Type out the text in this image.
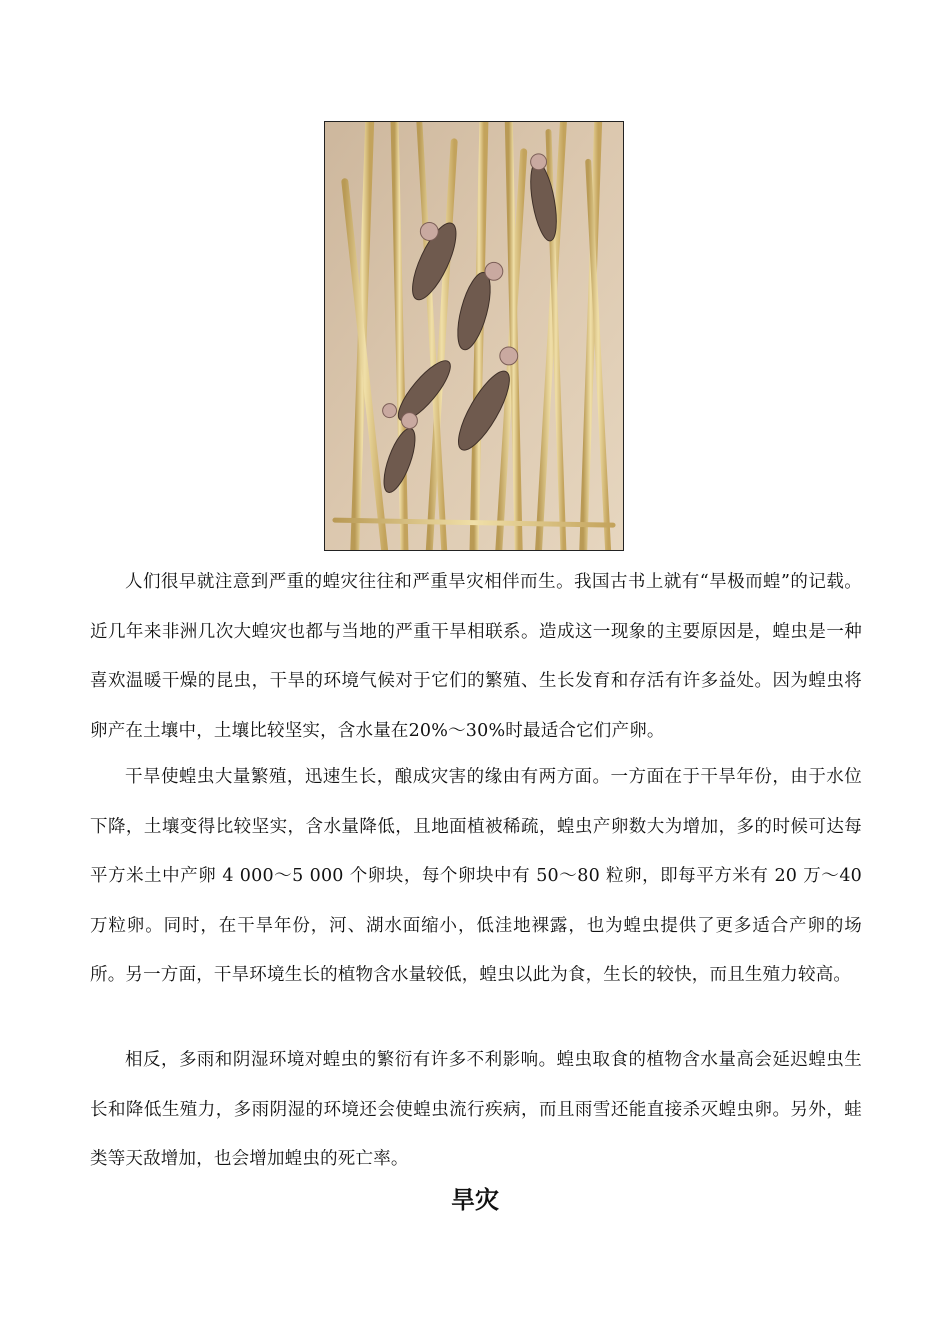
人们很早就注意到严重的蝗灾往往和严重旱灾相伴而生。我国古书上就有“旱极而蝗”的记载。近几年来非洲几次大蝗灾也都与当地的严重干旱相联系。造成这一现象的主要原因是，蝗虫是一种喜欢温暖干燥的昆虫，干旱的环境气候对于它们的繁殖、生长发育和存活有许多益处。因为蝗虫将卵产在土壤中，土壤比较坚实，含水量在20%～30%时最适合它们产卵。

干旱使蝗虫大量繁殖，迅速生长，酿成灾害的缘由有两方面。一方面在于干旱年份，由于水位下降，土壤变得比较坚实，含水量降低，且地面植被稀疏，蝗虫产卵数大为增加，多的时候可达每平方米土中产卵 4 000～5 000 个卵块，每个卵块中有 50～80 粒卵，即每平方米有 20 万～40 万粒卵。同时，在干旱年份，河、湖水面缩小，低洼地裸露，也为蝗虫提供了更多适合产卵的场所。另一方面，干旱环境生长的植物含水量较低，蝗虫以此为食，生长的较快，而且生殖力较高。

相反，多雨和阴湿环境对蝗虫的繁衍有许多不利影响。蝗虫取食的植物含水量高会延迟蝗虫生长和降低生殖力，多雨阴湿的环境还会使蝗虫流行疾病，而且雨雪还能直接杀灭蝗虫卵。另外，蛙类等天敌增加，也会增加蝗虫的死亡率。

旱灾
